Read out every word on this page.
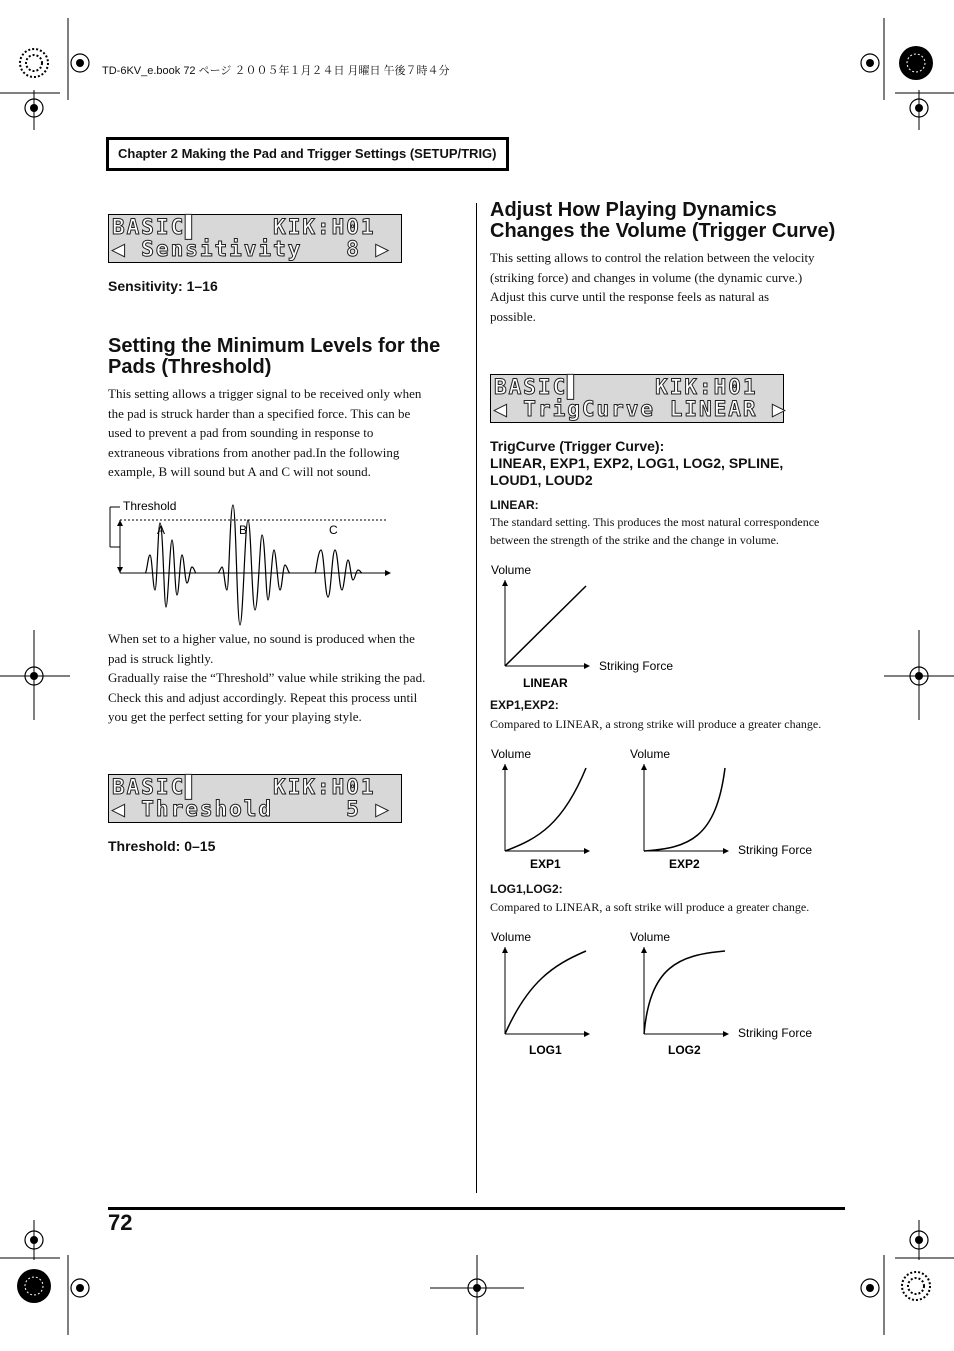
TD-6KV_e.book 72 ページ ２００５年１月２４日 月曜日 午後７時４分
Chapter 2 Making the Pad and Trigger Settings (SETUP/TRIG)
BASIC▌     KIK:H01
◀ Sensitivity   8 ▶
Sensitivity: 1–16
Setting the Minimum Levels for the Pads (Threshold)
This setting allows a trigger signal to be received only when
the pad is struck harder than a specified force. This can be
used to prevent a pad from sounding in response to
extraneous vibrations from another pad.In the following
example, B will sound but A and C will not sound.
Threshold
A	B	C
When set to a higher value, no sound is produced when the
pad is struck lightly.
Gradually raise the “Threshold” value while striking the pad.
Check this and adjust accordingly. Repeat this process until
you get the perfect setting for your playing style.
BASIC▌     KIK:H01
◀ Threshold     5 ▶
Threshold: 0–15
Adjust How Playing Dynamics Changes the Volume (Trigger Curve)
This setting allows to control the relation between the velocity
(striking force) and changes in volume (the dynamic curve.)
Adjust this curve until the response feels as natural as
possible.
BASIC▌     KIK:H01
◀ TrigCurve LINEAR ▶
TrigCurve (Trigger Curve):
LINEAR, EXP1, EXP2, LOG1, LOG2, SPLINE,
LOUD1, LOUD2
LINEAR:
The standard setting. This produces the most natural correspondence
between the strength of the strike and the change in volume.
Volume
Striking Force
LINEAR
EXP1,EXP2:
Compared to LINEAR, a strong strike will produce a greater change.
Volume
EXP1
Volume
Striking Force
EXP2
LOG1,LOG2:
Compared to LINEAR, a soft strike will produce a greater change.
Volume
LOG1
Volume
Striking Force
LOG2
72
